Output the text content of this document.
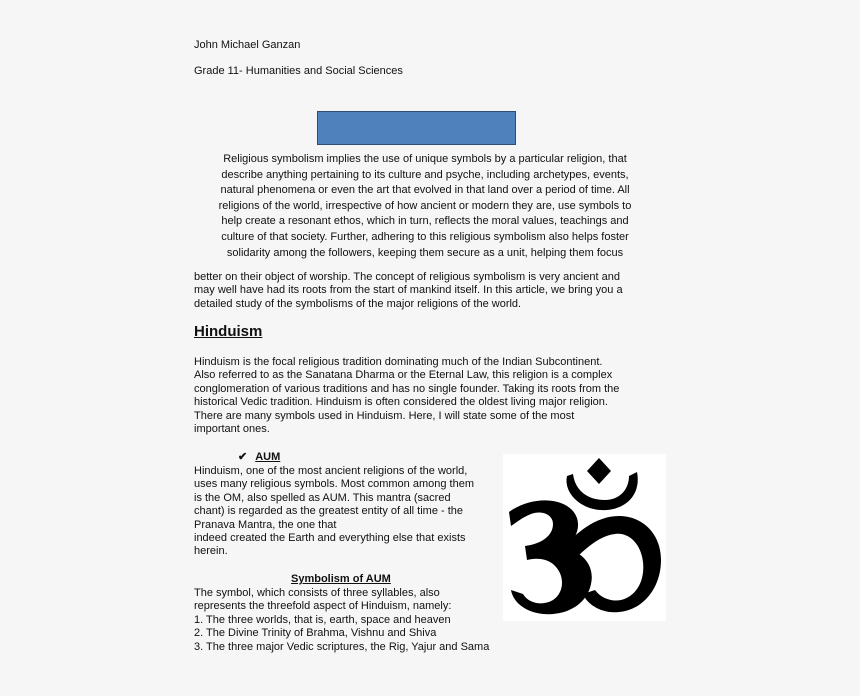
John Michael Ganzan
Grade 11- Humanities and Social Sciences
Religious symbolism implies the use of unique symbols by a particular religion, that
describe anything pertaining to its culture and psyche, including archetypes, events,
natural phenomena or even the art that evolved in that land over a period of time. All
religions of the world, irrespective of how ancient or modern they are, use symbols to
help create a resonant ethos, which in turn, reflects the moral values, teachings and
culture of that society. Further, adhering to this religious symbolism also helps foster
solidarity among the followers, keeping them secure as a unit, helping them focus
better on their object of worship. The concept of religious symbolism is very ancient and
may well have had its roots from the start of mankind itself. In this article, we bring you a
detailed study of the symbolisms of the major religions of the world.
Hinduism
Hinduism is the focal religious tradition dominating much of the Indian Subcontinent.
Also referred to as the Sanatana Dharma or the Eternal Law, this religion is a complex
conglomeration of various traditions and has no single founder. Taking its roots from the
historical Vedic tradition. Hinduism is often considered the oldest living major religion.
There are many symbols used in Hinduism. Here, I will state some of the most
important ones.
✔ AUM
Hinduism, one of the most ancient religions of the world,
uses many religious symbols. Most common among them
is the OM, also spelled as AUM. This mantra (sacred
chant) is regarded as the greatest entity of all time - the
Pranava Mantra, the one that
indeed created the Earth and everything else that exists
herein.
Symbolism of AUM
The symbol, which consists of three syllables, also
represents the threefold aspect of Hinduism, namely:
1. The three worlds, that is, earth, space and heaven
2. The Divine Trinity of Brahma, Vishnu and Shiva
3. The three major Vedic scriptures, the Rig, Yajur and Sama
